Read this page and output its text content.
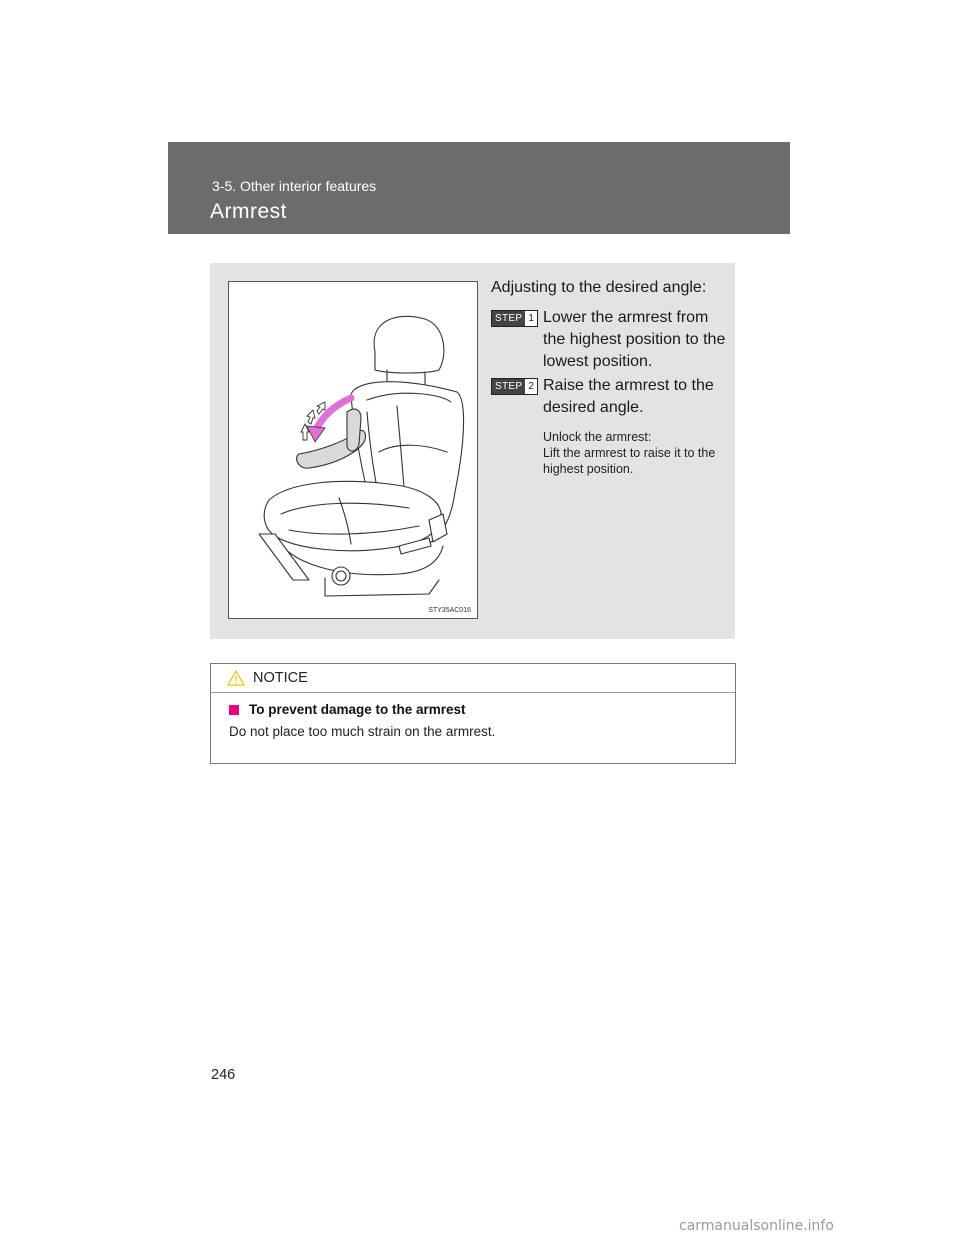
3-5. Other interior features
Armrest
STY35AC016

Adjusting to the desired angle:

STEP 1 Lower the armrest from the highest position to the lowest position.
STEP 2 Raise the armrest to the desired angle.
Unlock the armrest:
Lift the armrest to raise it to the highest position.
NOTICE
To prevent damage to the armrest
Do not place too much strain on the armrest.
246
carmanualsonline.info
